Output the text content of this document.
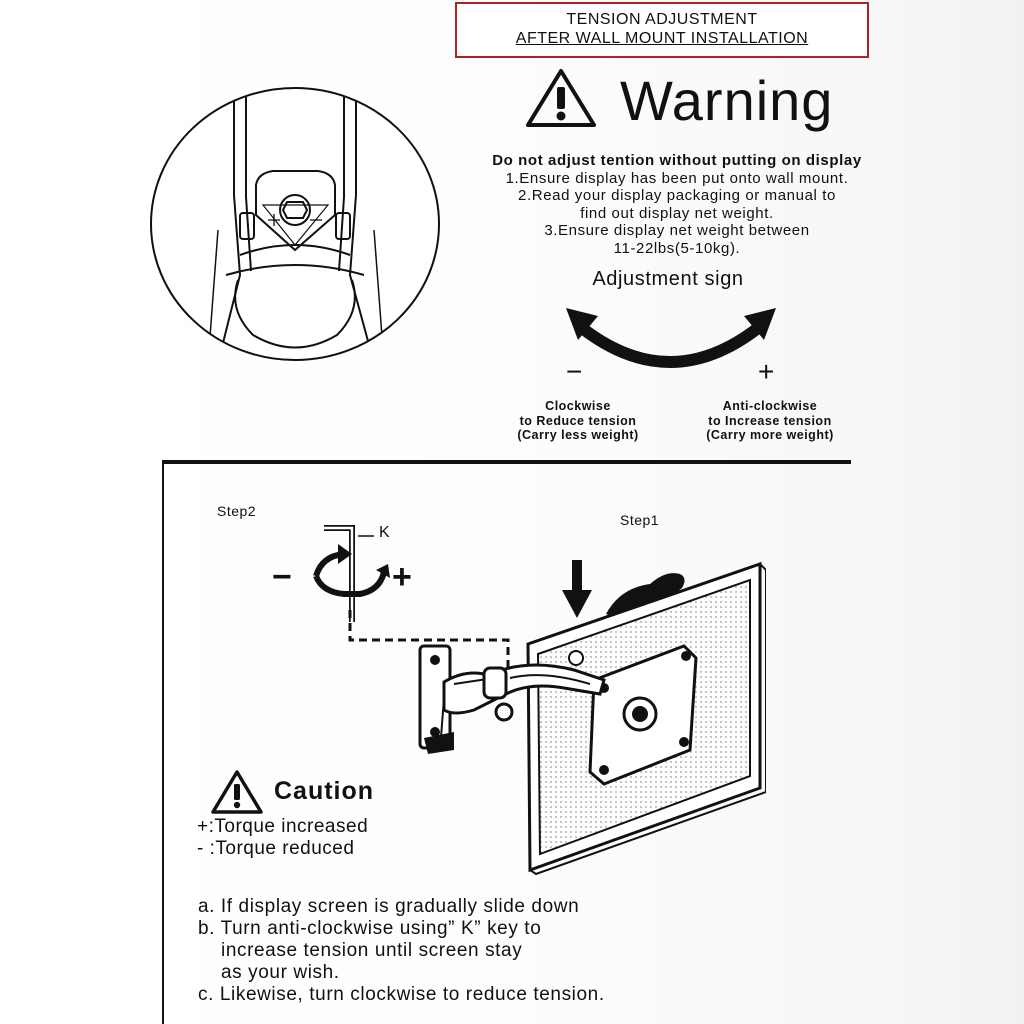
TENSION ADJUSTMENT
AFTER WALL MOUNT INSTALLATION
Warning
Do not adjust tention without putting on display
1.Ensure display has been put onto wall mount.
2.Read your display packaging or manual to
find out display net weight.
3.Ensure display net weight between
11-22lbs(5-10kg).
Adjustment sign
−	+
Clockwise
to Reduce tension
(Carry less weight)
Anti-clockwise
to Increase tension
(Carry more weight)
Step2
Step1
K
−	+
Caution
+:Torque increased
- :Torque reduced
a. If display screen is gradually slide down
b. Turn anti-clockwise using” K” key to
increase tension until screen stay
as your wish.
c. Likewise, turn clockwise to reduce tension.
